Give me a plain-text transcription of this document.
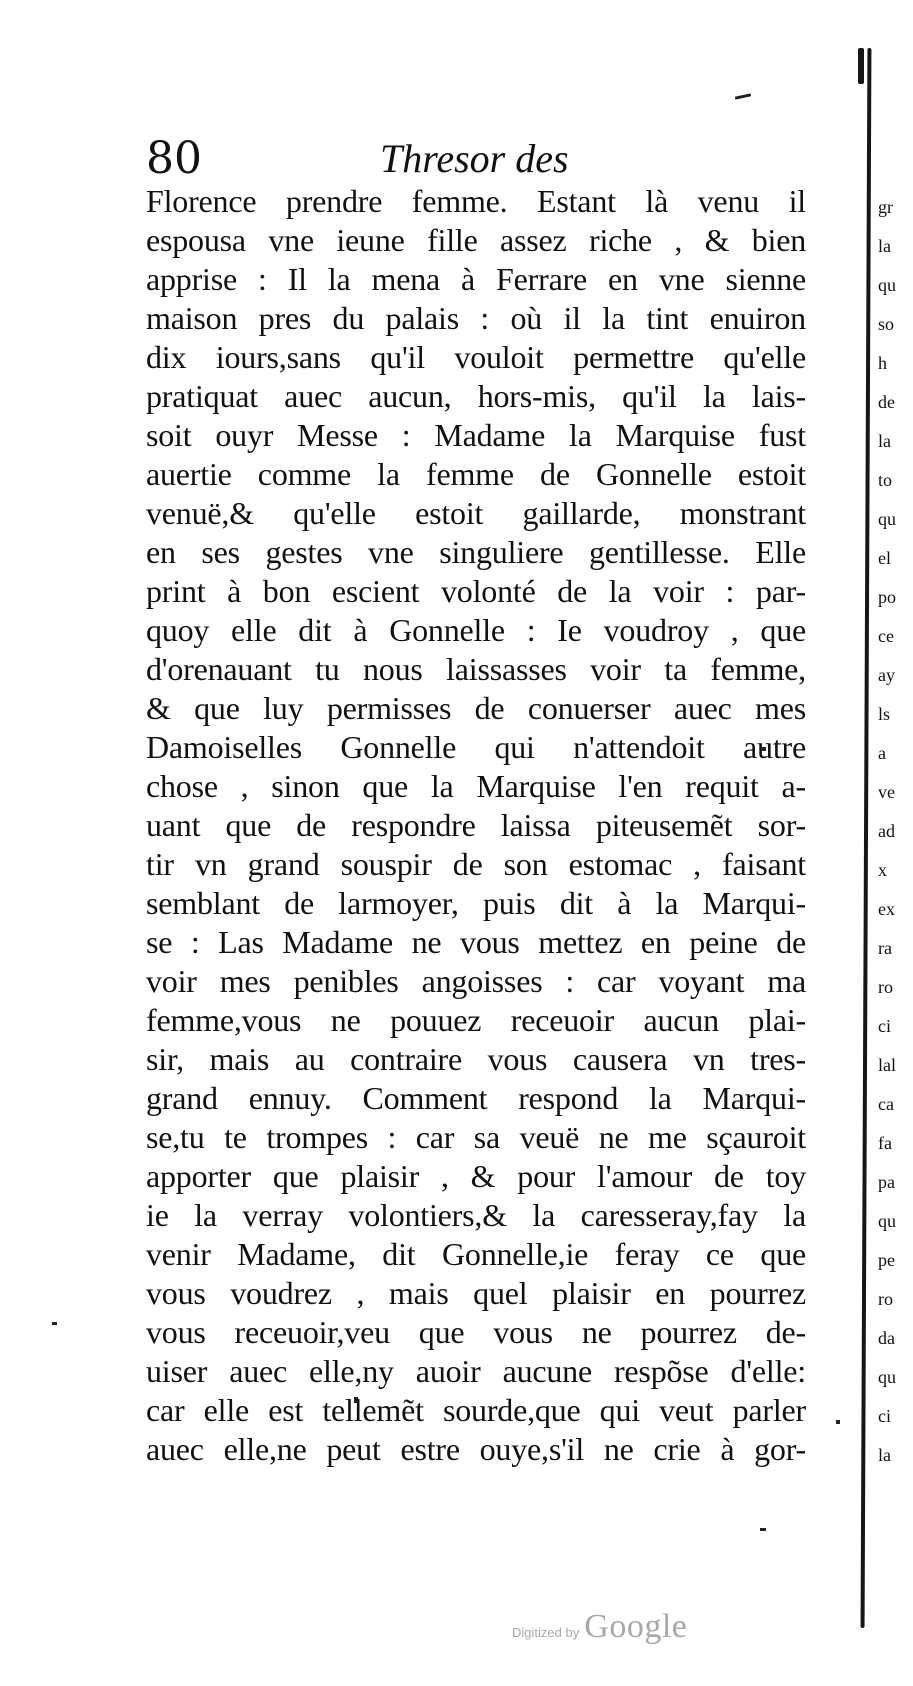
80	Thresor des
Florence prendre femme. Estant là venu il
espousa vne ieune fille assez riche , & bien
apprise : Il la mena à Ferrare en vne sienne
maison pres du palais : où il la tint enuiron
dix iours,sans qu'il vouloit permettre qu'elle
pratiquat auec aucun, hors-mis, qu'il la lais-
soit ouyr Messe : Madame la Marquise fust
auertie comme la femme de Gonnelle estoit
venuë,& qu'elle estoit gaillarde, monstrant
en ses gestes vne singuliere gentillesse. Elle
print à bon escient volonté de la voir : par-
quoy elle dit à Gonnelle : Ie voudroy , que
d'orenauant tu nous laissasses voir ta femme,
& que luy permisses de conuerser auec mes
Damoiselles Gonnelle qui n'attendoit autre
chose , sinon que la Marquise l'en requit a-
uant que de respondre laissa piteusemẽt sor-
tir vn grand souspir de son estomac , faisant
semblant de larmoyer, puis dit à la Marqui-
se : Las Madame ne vous mettez en peine de
voir mes penibles angoisses : car voyant ma
femme,vous ne pouuez receuoir aucun plai-
sir, mais au contraire vous causera vn tres-
grand ennuy. Comment respond la Marqui-
se,tu te trompes : car sa veuë ne me sçauroit
apporter que plaisir , & pour l'amour de toy
ie la verray volontiers,& la caresseray,fay la
venir Madame, dit Gonnelle,ie feray ce que
vous voudrez , mais quel plaisir en pourrez
vous receuoir,veu que vous ne pourrez de-
uiser auec elle,ny auoir aucune respõse d'elle:
car elle est tellemẽt sourde,que qui veut parler
auec elle,ne peut estre ouye,s'il ne crie à gor-
gr
la
qu
so
h
de
la
to
qu
el
po
ce
ay
ls
a
ve
ad
x
ex
ra
ro
ci
lal
ca
fa
pa
qu
pe
ro
da
qu
ci
la
Digitized by Google
